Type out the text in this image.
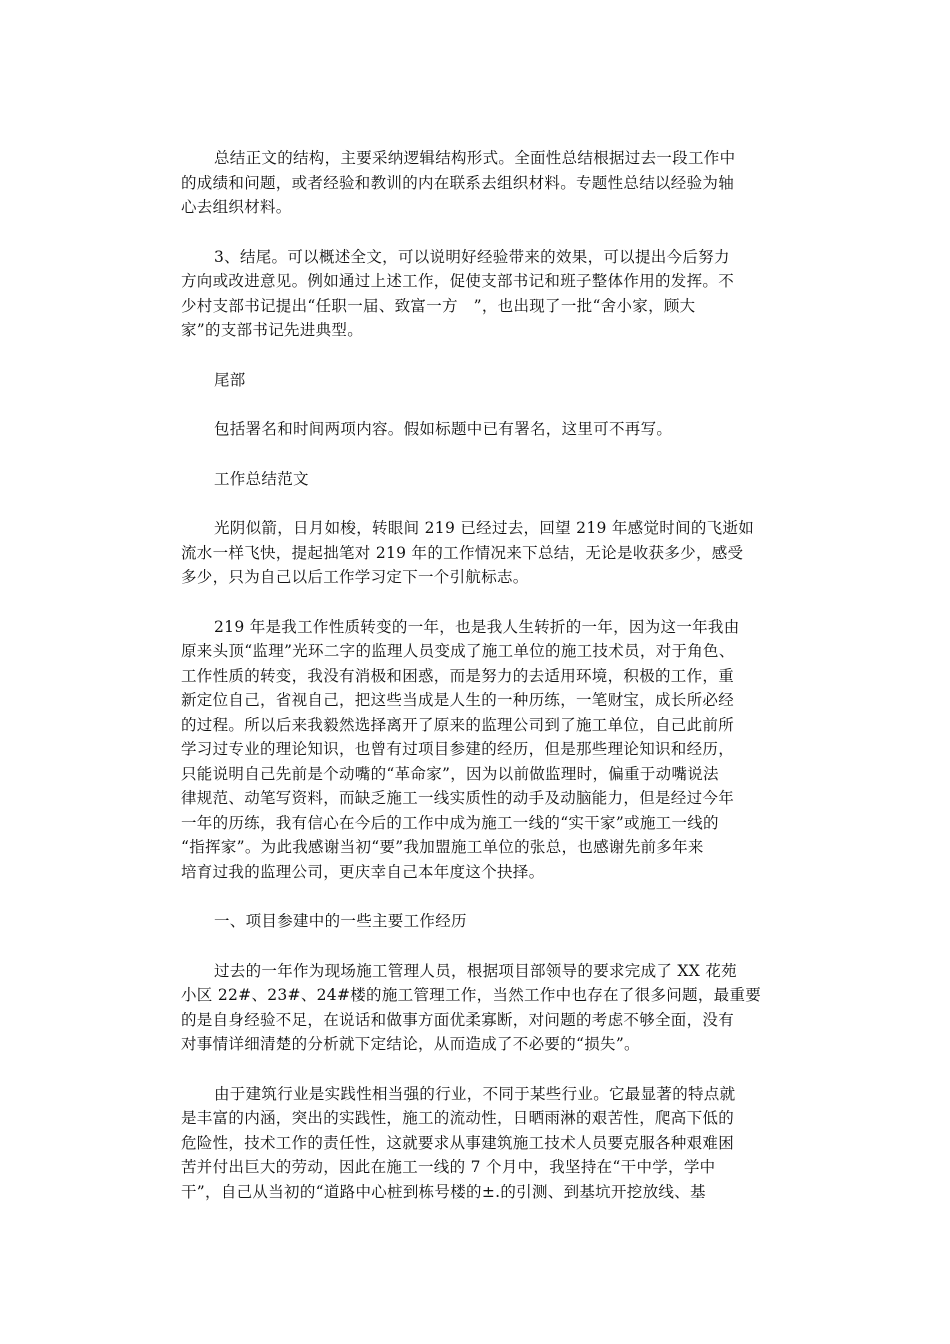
总结正文的结构，主要采纳逻辑结构形式。全面性总结根据过去一段工作中
的成绩和问题，或者经验和教训的内在联系去组织材料。专题性总结以经验为轴
心去组织材料。

3、结尾。可以概述全文，可以说明好经验带来的效果，可以提出今后努力
方向或改进意见。例如通过上述工作，促使支部书记和班子整体作用的发挥。不
少村支部书记提出“任职一届、致富一方　”，也出现了一批“舍小家，顾大
家”的支部书记先进典型。

尾部

包括署名和时间两项内容。假如标题中已有署名，这里可不再写。

工作总结范文

光阴似箭，日月如梭，转眼间 219 已经过去，回望 219 年感觉时间的飞逝如
流水一样飞快，提起拙笔对 219 年的工作情况来下总结，无论是收获多少，感受
多少，只为自己以后工作学习定下一个引航标志。

219 年是我工作性质转变的一年，也是我人生转折的一年，因为这一年我由
原来头顶“监理”光环二字的监理人员变成了施工单位的施工技术员，对于角色、
工作性质的转变，我没有消极和困惑，而是努力的去适用环境，积极的工作，重
新定位自己，省视自己，把这些当成是人生的一种历练，一笔财宝，成长所必经
的过程。所以后来我毅然选择离开了原来的监理公司到了施工单位，自己此前所
学习过专业的理论知识，也曾有过项目参建的经历，但是那些理论知识和经历，
只能说明自己先前是个动嘴的“革命家”，因为以前做监理时，偏重于动嘴说法
律规范、动笔写资料，而缺乏施工一线实质性的动手及动脑能力，但是经过今年
一年的历练，我有信心在今后的工作中成为施工一线的“实干家”或施工一线的
“指挥家”。为此我感谢当初“要”我加盟施工单位的张总，也感谢先前多年来
培育过我的监理公司，更庆幸自己本年度这个抉择。

一、项目参建中的一些主要工作经历

过去的一年作为现场施工管理人员，根据项目部领导的要求完成了 XX 花苑
小区 22#、23#、24#楼的施工管理工作，当然工作中也存在了很多问题，最重要
的是自身经验不足，在说话和做事方面优柔寡断，对问题的考虑不够全面，没有
对事情详细清楚的分析就下定结论，从而造成了不必要的“损失”。

由于建筑行业是实践性相当强的行业，不同于某些行业。它最显著的特点就
是丰富的内涵，突出的实践性，施工的流动性，日晒雨淋的艰苦性，爬高下低的
危险性，技术工作的责任性，这就要求从事建筑施工技术人员要克服各种艰难困
苦并付出巨大的劳动，因此在施工一线的 7 个月中，我坚持在“干中学，学中
干”，自己从当初的“道路中心桩到栋号楼的±.的引测、到基坑开挖放线、基
